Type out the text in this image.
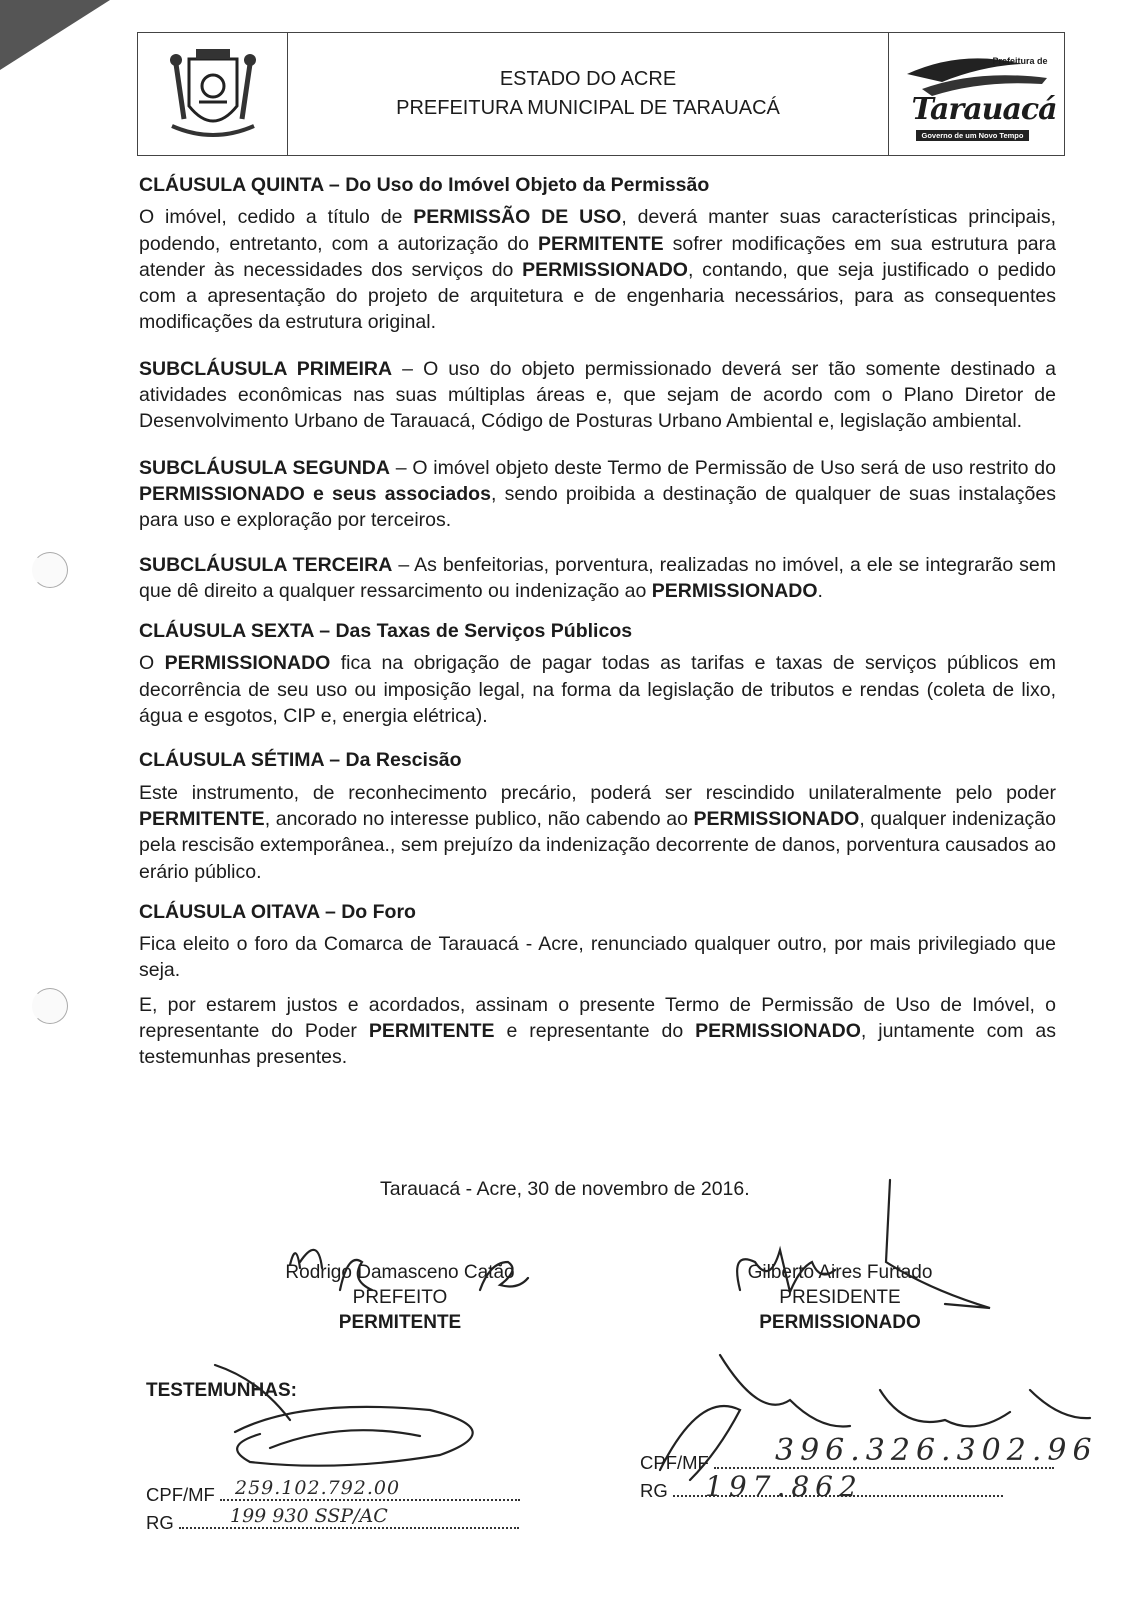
ESTADO DO ACRE
PREFEITURA MUNICIPAL DE TARAUACÁ
Prefeitura de
Tarauacá
Governo de um Novo Tempo

CLÁUSULA QUINTA – Do Uso do Imóvel Objeto da Permissão

O imóvel, cedido a título de PERMISSÃO DE USO, deverá manter suas características principais, podendo, entretanto, com a autorização do PERMITENTE sofrer modificações em sua estrutura para atender às necessidades dos serviços do PERMISSIONADO, contando, que seja justificado o pedido com a apresentação do projeto de arquitetura e de engenharia necessários, para as consequentes modificações da estrutura original.

SUBCLÁUSULA PRIMEIRA – O uso do objeto permissionado deverá ser tão somente destinado a atividades econômicas nas suas múltiplas áreas e, que sejam de acordo com o Plano Diretor de Desenvolvimento Urbano de Tarauacá, Código de Posturas Urbano Ambiental e, legislação ambiental.

SUBCLÁUSULA SEGUNDA – O imóvel objeto deste Termo de Permissão de Uso será de uso restrito do PERMISSIONADO e seus associados, sendo proibida a destinação de qualquer de suas instalações para uso e exploração por terceiros.

SUBCLÁUSULA TERCEIRA – As benfeitorias, porventura, realizadas no imóvel, a ele se integrarão sem que dê direito a qualquer ressarcimento ou indenização ao PERMISSIONADO.

CLÁUSULA SEXTA – Das Taxas de Serviços Públicos

O PERMISSIONADO fica na obrigação de pagar todas as tarifas e taxas de serviços públicos em decorrência de seu uso ou imposição legal, na forma da legislação de tributos e rendas (coleta de lixo, água e esgotos, CIP e, energia elétrica).

CLÁUSULA SÉTIMA – Da Rescisão

Este instrumento, de reconhecimento precário, poderá ser rescindido unilateralmente pelo poder PERMITENTE, ancorado no interesse publico, não cabendo ao PERMISSIONADO, qualquer indenização pela rescisão extemporânea., sem prejuízo da indenização decorrente de danos, porventura causados ao erário público.

CLÁUSULA OITAVA – Do Foro

Fica eleito o foro da Comarca de Tarauacá - Acre, renunciado qualquer outro, por mais privilegiado que seja.

E, por estarem justos e acordados, assinam o presente Termo de Permissão de Uso de Imóvel, o representante do Poder PERMITENTE e representante do PERMISSIONADO, juntamente com as testemunhas presentes.

Tarauacá - Acre, 30 de novembro de 2016.
Rodrigo Damasceno Catão
PREFEITO
PERMITENTE
Gilberto Aires Furtado
PRESIDENTE
PERMISSIONADO
TESTEMUNHAS:
CPF/MF
RG
CPF/MF
RG
259.102.792.00
199 930 SSP/AC
396.326.302.96
197.862
